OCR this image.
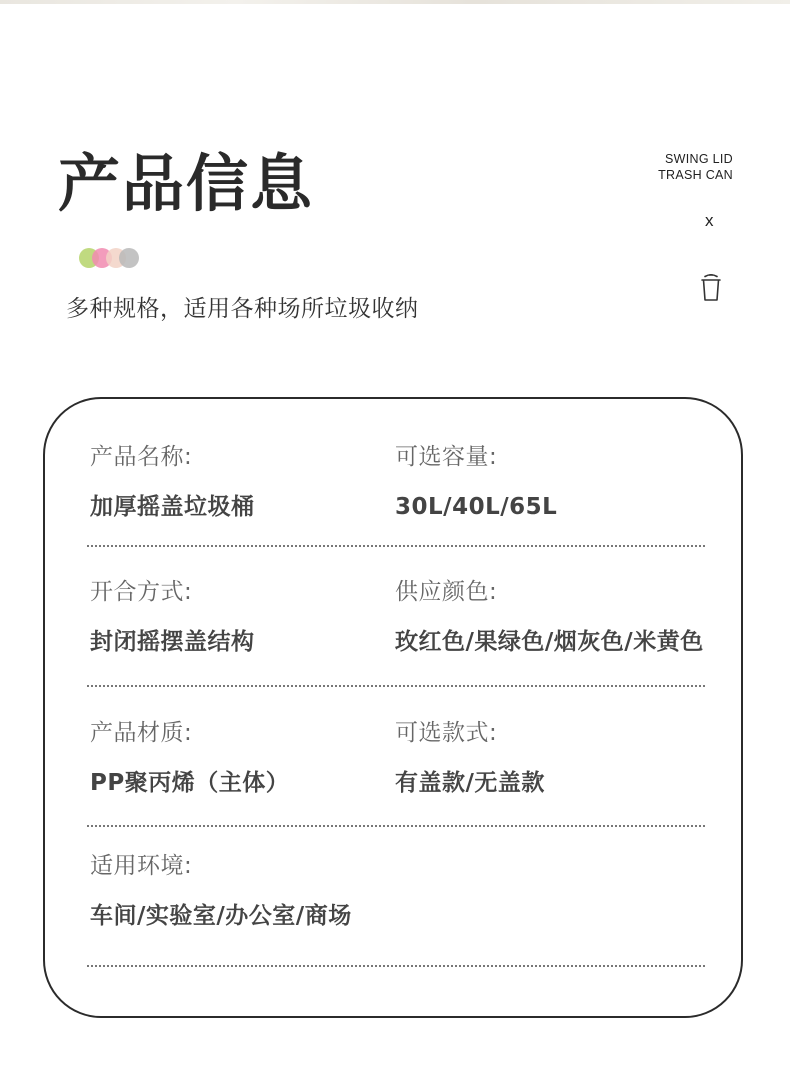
产品信息
多种规格，适用各种场所垃圾收纳
SWING LID
TRASH CAN
x
产品名称:
加厚摇盖垃圾桶
可选容量:
30L/40L/65L
开合方式:
封闭摇摆盖结构
供应颜色:
玫红色/果绿色/烟灰色/米黄色
产品材质:
PP聚丙烯（主体）
可选款式:
有盖款/无盖款
适用环境:
车间/实验室/办公室/商场
